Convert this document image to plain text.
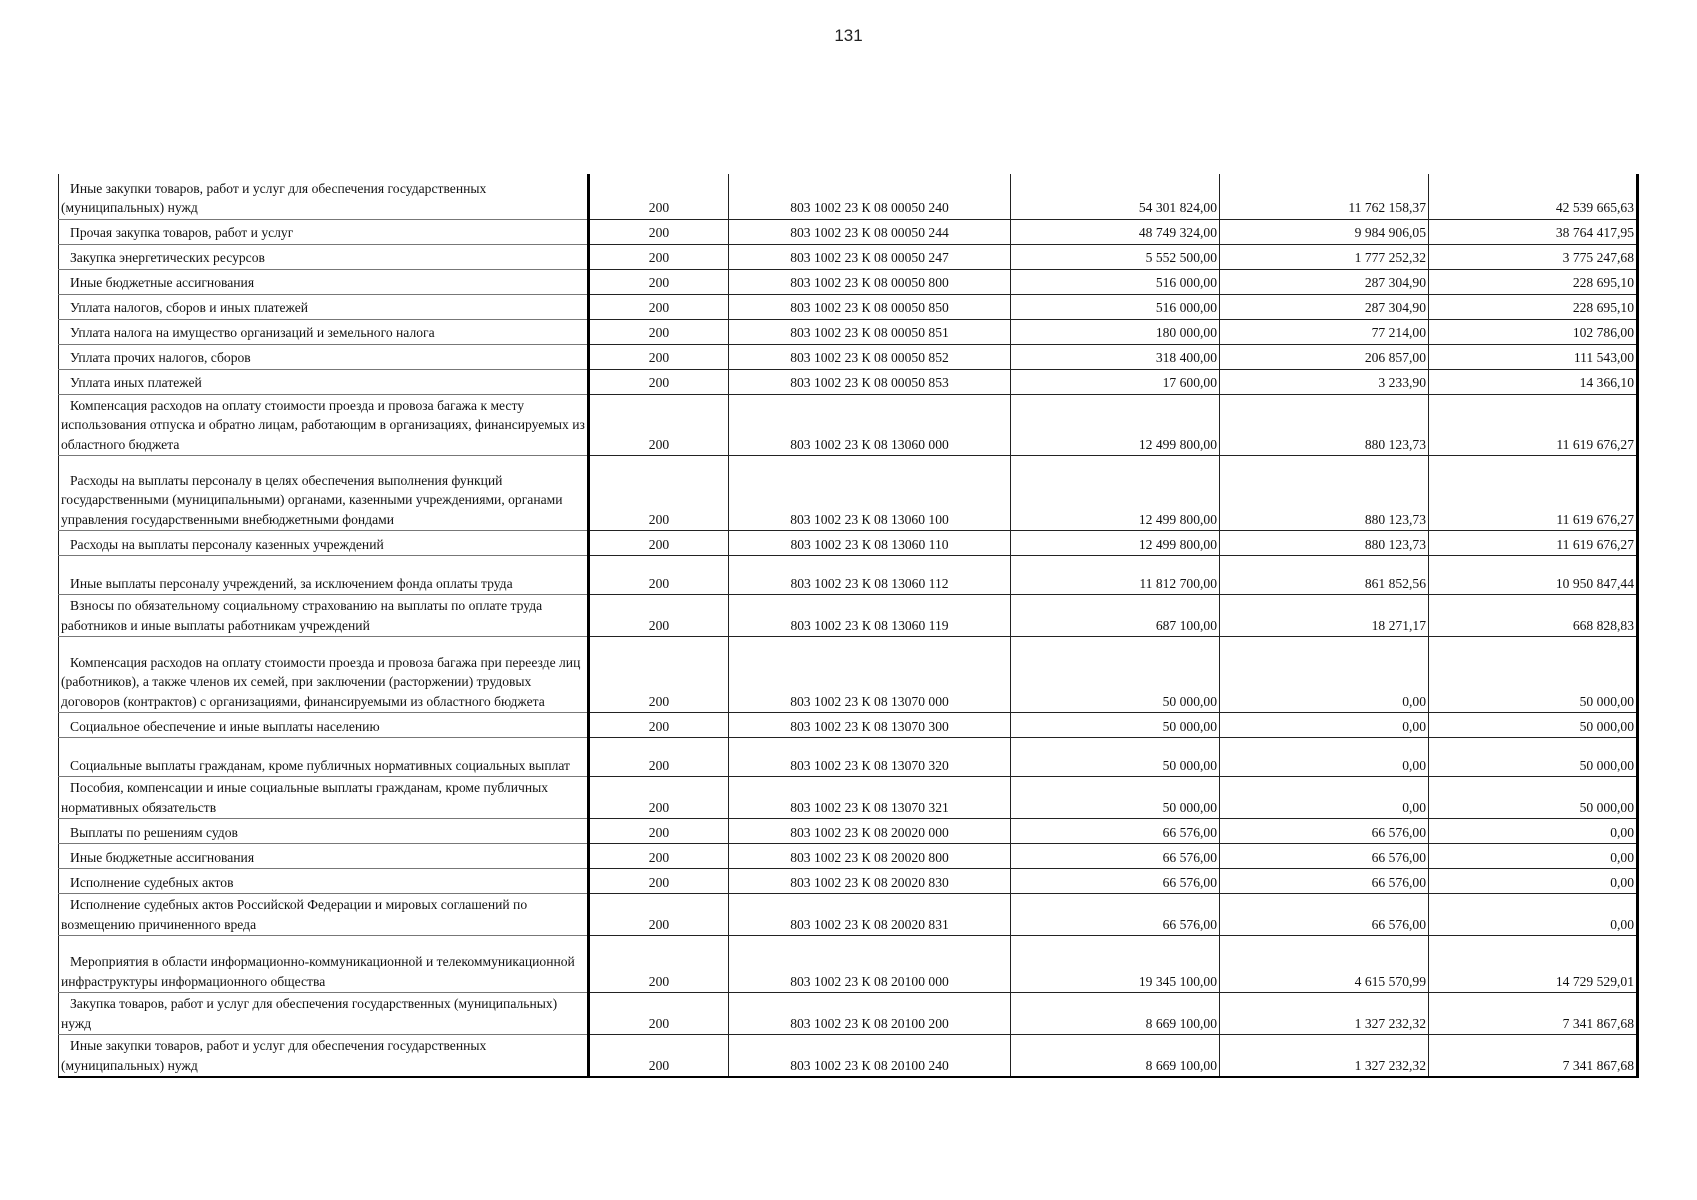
131
Иные закупки товаров, работ и услуг для обеспечения государственных (муниципальных) нужд	200	803 1002 23 К 08 00050 240	54 301 824,00	11 762 158,37	42 539 665,63

Прочая закупка товаров, работ и услуг	200	803 1002 23 К 08 00050 244	48 749 324,00	9 984 906,05	38 764 417,95

Закупка энергетических ресурсов	200	803 1002 23 К 08 00050 247	5 552 500,00	1 777 252,32	3 775 247,68

Иные бюджетные ассигнования	200	803 1002 23 К 08 00050 800	516 000,00	287 304,90	228 695,10

Уплата налогов, сборов и иных платежей	200	803 1002 23 К 08 00050 850	516 000,00	287 304,90	228 695,10

Уплата налога на имущество организаций и земельного налога	200	803 1002 23 К 08 00050 851	180 000,00	77 214,00	102 786,00

Уплата прочих налогов, сборов	200	803 1002 23 К 08 00050 852	318 400,00	206 857,00	111 543,00

Уплата иных платежей	200	803 1002 23 К 08 00050 853	17 600,00	3 233,90	14 366,10

Компенсация расходов на оплату стоимости проезда и провоза багажа к месту использования отпуска и обратно лицам, работающим в организациях, финансируемых из областного бюджета	200	803 1002 23 К 08 13060 000	12 499 800,00	880 123,73	11 619 676,27

Расходы на выплаты персоналу в целях обеспечения выполнения функций государственными (муниципальными) органами, казенными учреждениями, органами управления государственными внебюджетными фондами	200	803 1002 23 К 08 13060 100	12 499 800,00	880 123,73	11 619 676,27

Расходы на выплаты персоналу казенных учреждений	200	803 1002 23 К 08 13060 110	12 499 800,00	880 123,73	11 619 676,27

Иные выплаты персоналу учреждений, за исключением фонда оплаты труда	200	803 1002 23 К 08 13060 112	11 812 700,00	861 852,56	10 950 847,44

Взносы по обязательному социальному страхованию на выплаты по оплате труда работников и иные выплаты работникам учреждений	200	803 1002 23 К 08 13060 119	687 100,00	18 271,17	668 828,83

Компенсация расходов на оплату стоимости проезда и провоза багажа при переезде лиц (работников), а также членов их семей, при заключении (расторжении) трудовых договоров (контрактов) с организациями, финансируемыми из областного бюджета	200	803 1002 23 К 08 13070 000	50 000,00	0,00	50 000,00

Социальное обеспечение и иные выплаты населению	200	803 1002 23 К 08 13070 300	50 000,00	0,00	50 000,00

Социальные выплаты гражданам, кроме публичных нормативных социальных выплат	200	803 1002 23 К 08 13070 320	50 000,00	0,00	50 000,00

Пособия, компенсации и иные социальные выплаты гражданам, кроме публичных нормативных обязательств	200	803 1002 23 К 08 13070 321	50 000,00	0,00	50 000,00

Выплаты по решениям судов	200	803 1002 23 К 08 20020 000	66 576,00	66 576,00	0,00

Иные бюджетные ассигнования	200	803 1002 23 К 08 20020 800	66 576,00	66 576,00	0,00

Исполнение судебных актов	200	803 1002 23 К 08 20020 830	66 576,00	66 576,00	0,00

Исполнение судебных актов Российской Федерации и мировых соглашений по возмещению причиненного вреда	200	803 1002 23 К 08 20020 831	66 576,00	66 576,00	0,00

Мероприятия в области информационно-коммуникационной и телекоммуникационной инфраструктуры информационного общества	200	803 1002 23 К 08 20100 000	19 345 100,00	4 615 570,99	14 729 529,01

Закупка товаров, работ и услуг для обеспечения государственных (муниципальных) нужд	200	803 1002 23 К 08 20100 200	8 669 100,00	1 327 232,32	7 341 867,68

Иные закупки товаров, работ и услуг для обеспечения государственных (муниципальных) нужд	200	803 1002 23 К 08 20100 240	8 669 100,00	1 327 232,32	7 341 867,68
